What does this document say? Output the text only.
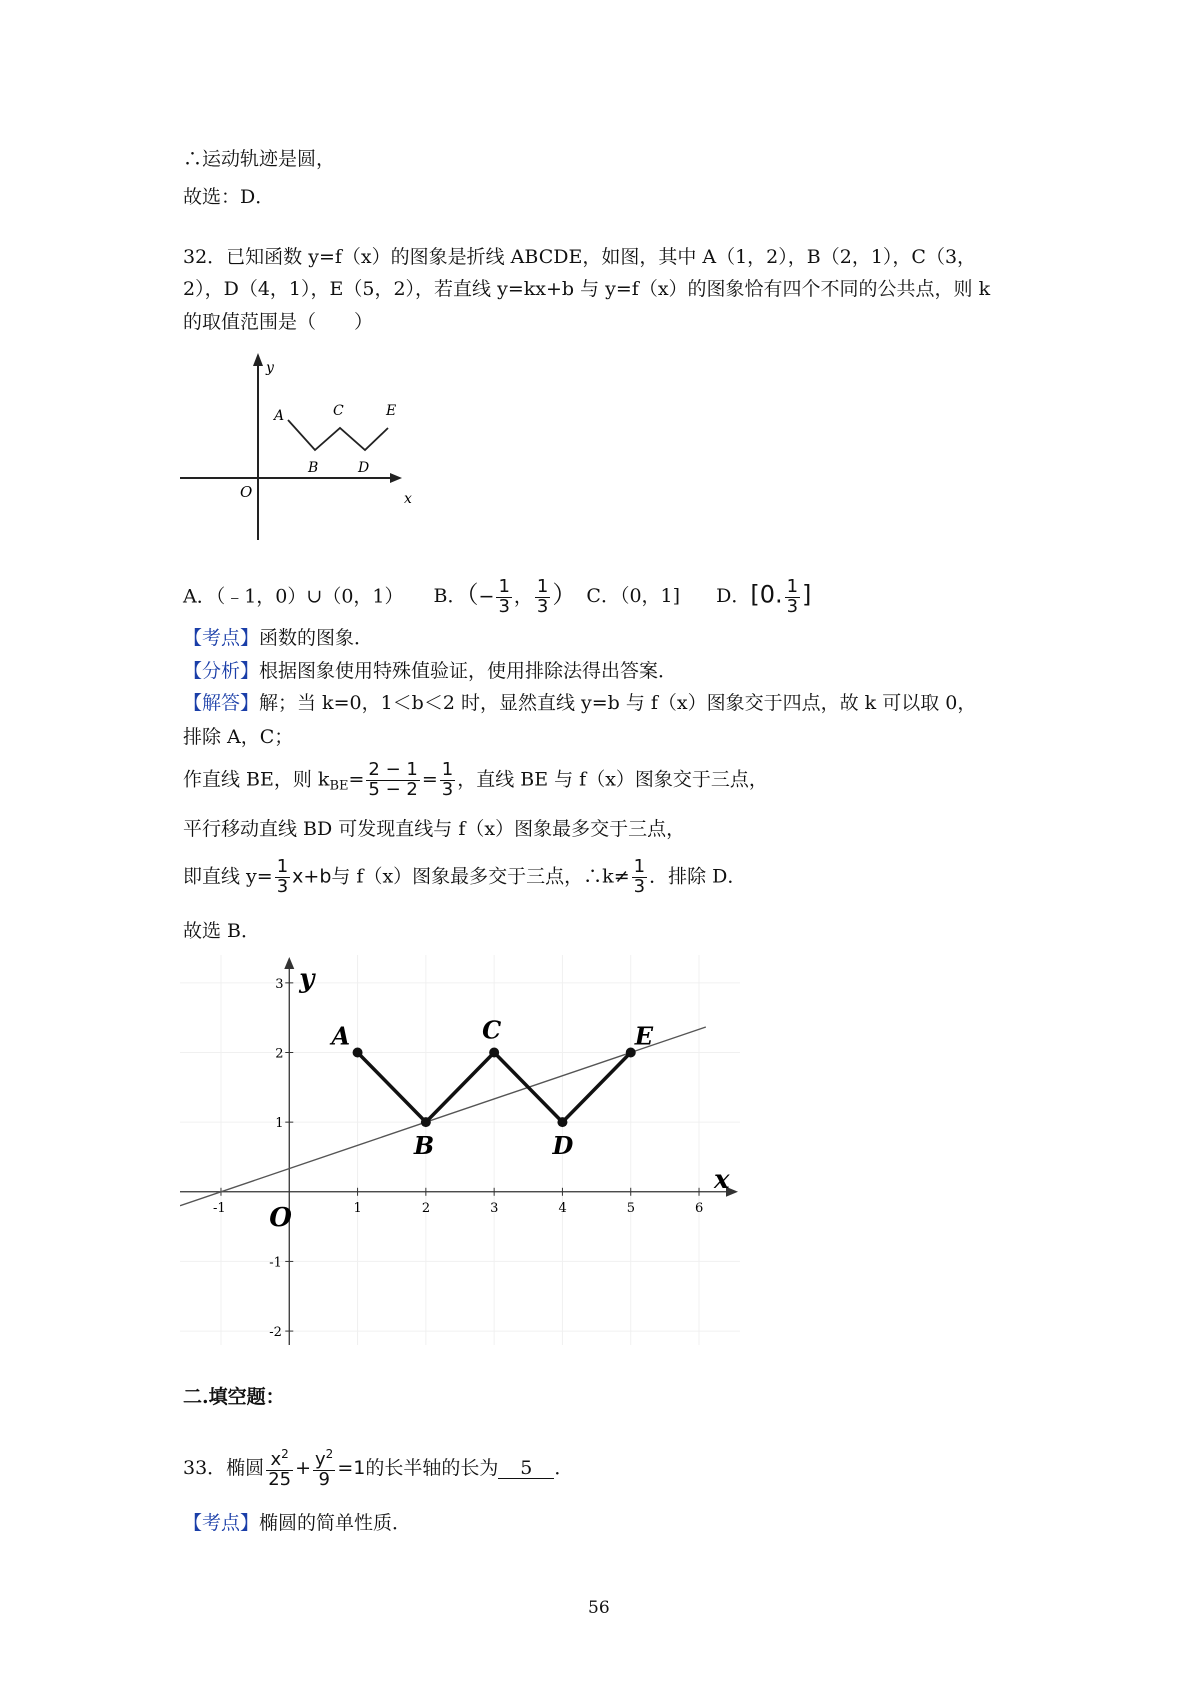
∴运动轨迹是圆，
故选：D．
32．已知函数 y=f（x）的图象是折线 ABCDE，如图，其中 A（1，2），B（2，1），C（3，
2），D（4，1），E（5，2），若直线 y=kx+b 与 y=f（x）的图象恰有四个不同的公共点，则 k
的取值范围是（　　）
y
x
O
A
B
C
D
E
A．（﹣1，0）∪（0，1） B．（− $\frac{1}{3}$ ， $\frac{1}{3}$ ） C．（0，1] D．[0. $\frac{1}{3}$ ]
【考点】函数的图象．
【分析】根据图象使用特殊值验证，使用排除法得出答案．
【解答】解；当 k=0，1＜b＜2 时，显然直线 y=b 与 f（x）图象交于四点，故 k 可以取 0，
排除 A，C；
作直线 BE，则 $k_{BE}= \frac{2 - 1}{5 - 2} = \frac{1}{3}$ ，直线 BE 与 f（x）图象交于三点，
平行移动直线 BD 可发现直线与 f（x）图象最多交于三点，
即直线 $y= \frac{1}{3} x+b$与 f（x）图象最多交于三点，∴k≠ $\frac{1}{3}$ ．排除 D．
故选 B．
x
y
O
-1	1	2	3	4	5	6
3
2
1
-1
-2
A
B
C
D
E
二.填空题：
33．椭圆 $\frac{x^2}{25} + \frac{y^2}{9} =1$的长半轴的长为 5 ．
【考点】椭圆的简单性质．
56
